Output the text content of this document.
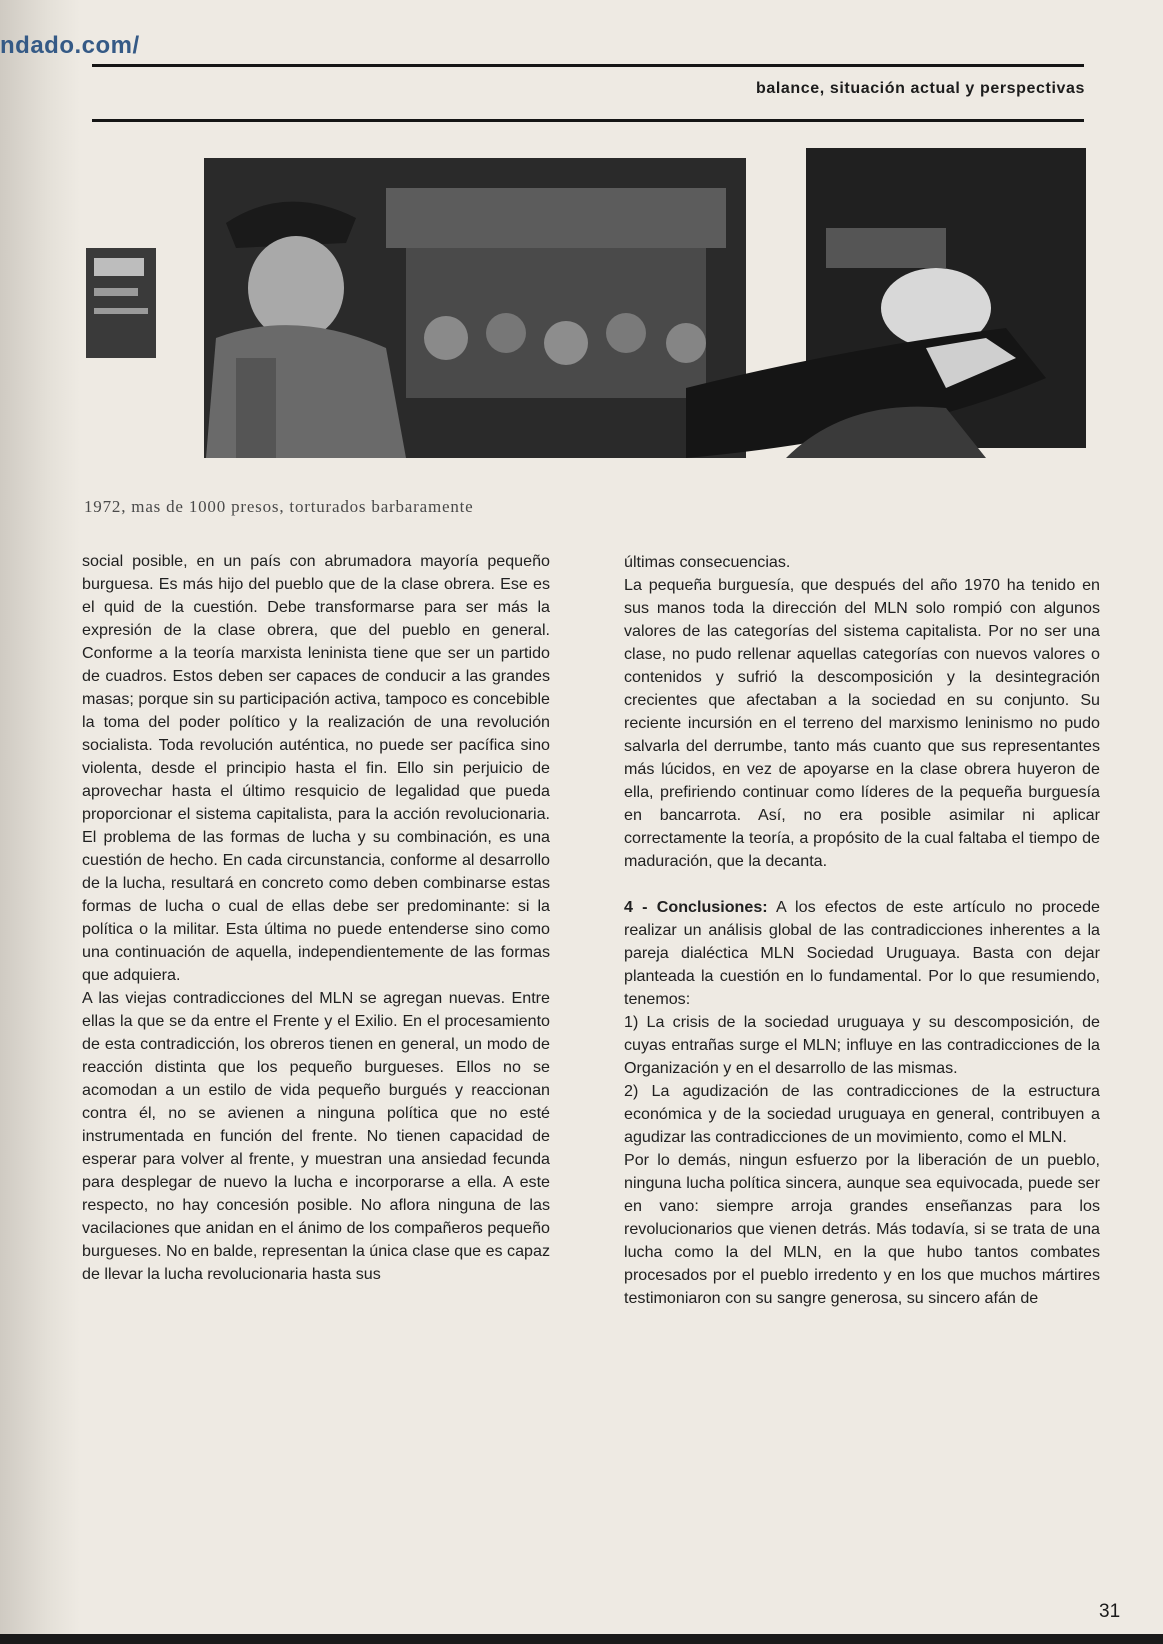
ndado.com/
balance, situación actual y perspectivas
1972, mas de 1000 presos, torturados barbaramente

social posible, en un país con abrumadora mayoría pequeño burguesa. Es más hijo del pueblo que de la clase obrera. Ese es el quid de la cuestión. Debe transformarse para ser más la expresión de la clase obrera, que del pueblo en general. Conforme a la teoría marxista leninista tiene que ser un partido de cuadros. Estos deben ser capaces de conducir a las grandes masas; porque sin su participación activa, tampoco es concebible la toma del poder político y la realización de una revolución socialista. Toda revolución auténtica, no puede ser pacífica sino violenta, desde el principio hasta el fin. Ello sin perjuicio de aprovechar hasta el último resquicio de legalidad que pueda proporcionar el sistema capitalista, para la acción revolucionaria. El problema de las formas de lucha y su combinación, es una cuestión de hecho. En cada circunstancia, conforme al desarrollo de la lucha, resultará en concreto como deben combinarse estas formas de lucha o cual de ellas debe ser predominante: si la política o la militar. Esta última no puede entenderse sino como una continuación de aquella, independientemente de las formas que adquiera.

A las viejas contradicciones del MLN se agregan nuevas. Entre ellas la que se da entre el Frente y el Exilio. En el procesamiento de esta contradicción, los obreros tienen en general, un modo de reacción distinta que los pequeño burgueses. Ellos no se acomodan a un estilo de vida pequeño burgués y reaccionan contra él, no se avienen a ninguna política que no esté instrumentada en función del frente. No tienen capacidad de esperar para volver al frente, y muestran una ansiedad fecunda para desplegar de nuevo la lucha e incorporarse a ella. A este respecto, no hay concesión posible. No aflora ninguna de las vacilaciones que anidan en el ánimo de los compañeros pequeño burgueses. No en balde, representan la única clase que es capaz de llevar la lucha revolucionaria hasta sus

últimas consecuencias.

La pequeña burguesía, que después del año 1970 ha tenido en sus manos toda la dirección del MLN solo rompió con algunos valores de las categorías del sistema capitalista. Por no ser una clase, no pudo rellenar aquellas categorías con nuevos valores o contenidos y sufrió la descomposición y la desintegración crecientes que afectaban a la sociedad en su conjunto. Su reciente incursión en el terreno del marxismo leninismo no pudo salvarla del derrumbe, tanto más cuanto que sus representantes más lúcidos, en vez de apoyarse en la clase obrera huyeron de ella, prefiriendo continuar como líderes de la pequeña burguesía en bancarrota. Así, no era posible asimilar ni aplicar correctamente la teoría, a propósito de la cual faltaba el tiempo de maduración, que la decanta.

4 - Conclusiones: A los efectos de este artículo no procede realizar un análisis global de las contradicciones inherentes a la pareja dialéctica MLN Sociedad Uruguaya. Basta con dejar planteada la cuestión en lo fundamental. Por lo que resumiendo, tenemos:

1) La crisis de la sociedad uruguaya y su descomposición, de cuyas entrañas surge el MLN; influye en las contradicciones de la Organización y en el desarrollo de las mismas.

2) La agudización de las contradicciones de la estructura económica y de la sociedad uruguaya en general, contribuyen a agudizar las contradicciones de un movimiento, como el MLN.

Por lo demás, ningun esfuerzo por la liberación de un pueblo, ninguna lucha política sincera, aunque sea equivocada, puede ser en vano: siempre arroja grandes enseñanzas para los revolucionarios que vienen detrás. Más todavía, si se trata de una lucha como la del MLN, en la que hubo tantos combates procesados por el pueblo irredento y en los que muchos mártires testimoniaron con su sangre generosa, su sincero afán de

31
